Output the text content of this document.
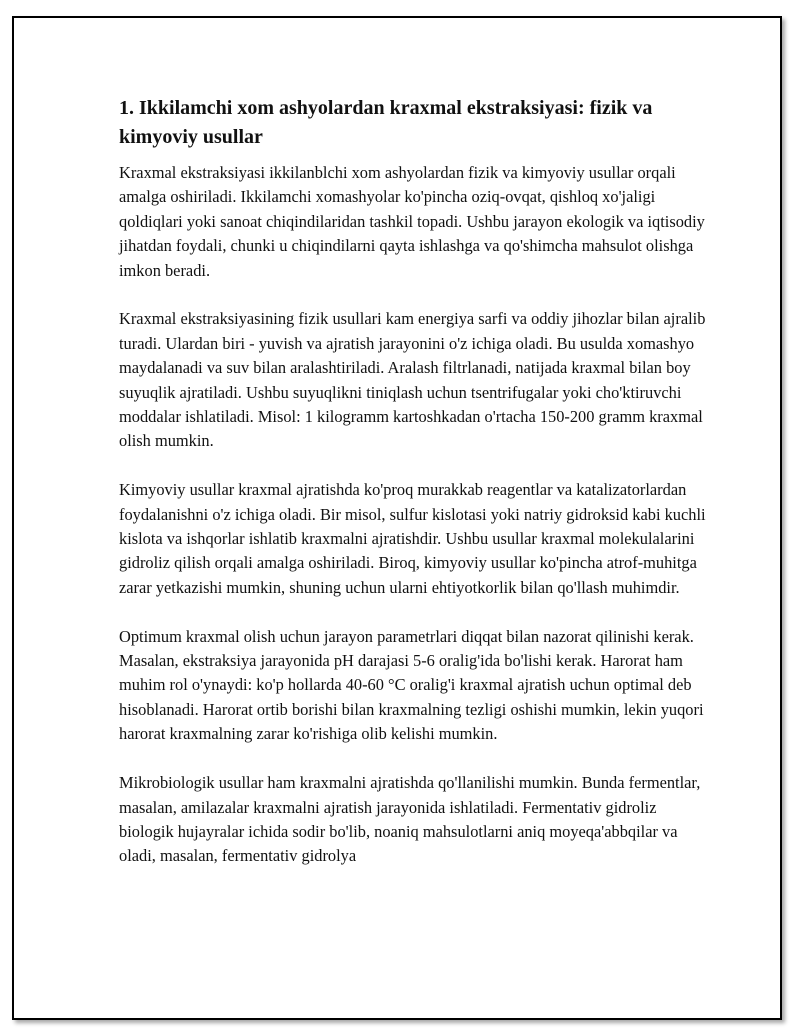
1. Ikkilamchi xom ashyolardan kraxmal ekstraksiyasi: fizik va kimyoviy usullar

Kraxmal ekstraksiyasi ikkilanblchi xom ashyolardan fizik va kimyoviy usullar orqali amalga oshiriladi. Ikkilamchi xomashyolar ko'pincha oziq-ovqat, qishloq xo'jaligi qoldiqlari yoki sanoat chiqindilaridan tashkil topadi. Ushbu jarayon ekologik va iqtisodiy jihatdan foydali, chunki u chiqindilarni qayta ishlashga va qo'shimcha mahsulot olishga imkon beradi.

Kraxmal ekstraksiyasining fizik usullari kam energiya sarfi va oddiy jihozlar bilan ajralib turadi. Ulardan biri - yuvish va ajratish jarayonini o'z ichiga oladi. Bu usulda xomashyo maydalanadi va suv bilan aralashtiriladi. Aralash filtrlanadi, natijada kraxmal bilan boy suyuqlik ajratiladi. Ushbu suyuqlikni tiniqlash uchun tsentrifugalar yoki cho'ktiruvchi moddalar ishlatiladi. Misol: 1 kilogramm kartoshkadan o'rtacha 150-200 gramm kraxmal olish mumkin.

Kimyoviy usullar kraxmal ajratishda ko'proq murakkab reagentlar va katalizatorlardan foydalanishni o'z ichiga oladi. Bir misol, sulfur kislotasi yoki natriy gidroksid kabi kuchli kislota va ishqorlar ishlatib kraxmalni ajratishdir. Ushbu usullar kraxmal molekulalarini gidroliz qilish orqali amalga oshiriladi. Biroq, kimyoviy usullar ko'pincha atrof-muhitga zarar yetkazishi mumkin, shuning uchun ularni ehtiyotkorlik bilan qo'llash muhimdir.

Optimum kraxmal olish uchun jarayon parametrlari diqqat bilan nazorat qilinishi kerak. Masalan, ekstraksiya jarayonida pH darajasi 5-6 oralig'ida bo'lishi kerak. Harorat ham muhim rol o'ynaydi: ko'p hollarda 40-60 °C oralig'i kraxmal ajratish uchun optimal deb hisoblanadi. Harorat ortib borishi bilan kraxmalning tezligi oshishi mumkin, lekin yuqori harorat kraxmalning zarar ko'rishiga olib kelishi mumkin.

Mikrobiologik usullar ham kraxmalni ajratishda qo'llanilishi mumkin. Bunda fermentlar, masalan, amilazalar kraxmalni ajratish jarayonida ishlatiladi. Fermentativ gidroliz biologik hujayralar ichida sodir bo'lib, noaniq mahsulotlarni aniq moyeqa'abbqilar va oladi, masalan, fermentativ gidrolya
